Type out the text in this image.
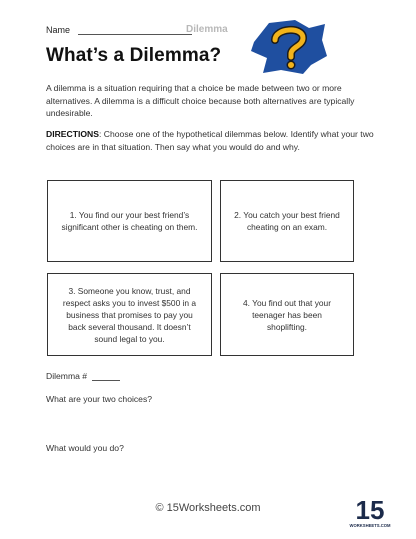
Name	Dilemma
What’s a Dilemma?
A dilemma is a situation requiring that a choice be made between two or more alternatives. A dilemma is a difficult choice because both alternatives are typically undesirable.
DIRECTIONS: Choose one of the hypothetical dilemmas below. Identify what your two choices are in that situation. Then say what you would do and why.
1. You find our your best friend’s significant other is cheating on them.
2. You catch your best friend cheating on an exam.
3. Someone you know, trust, and respect asks you to invest $500 in a business that promises to pay you back several thousand. It doesn’t sound legal to you.
4. You find out that your teenager has been shoplifting.
Dilemma #
What are your two choices?
What would you do?
© 15Worksheets.com	15
WORKSHEETS.COM
